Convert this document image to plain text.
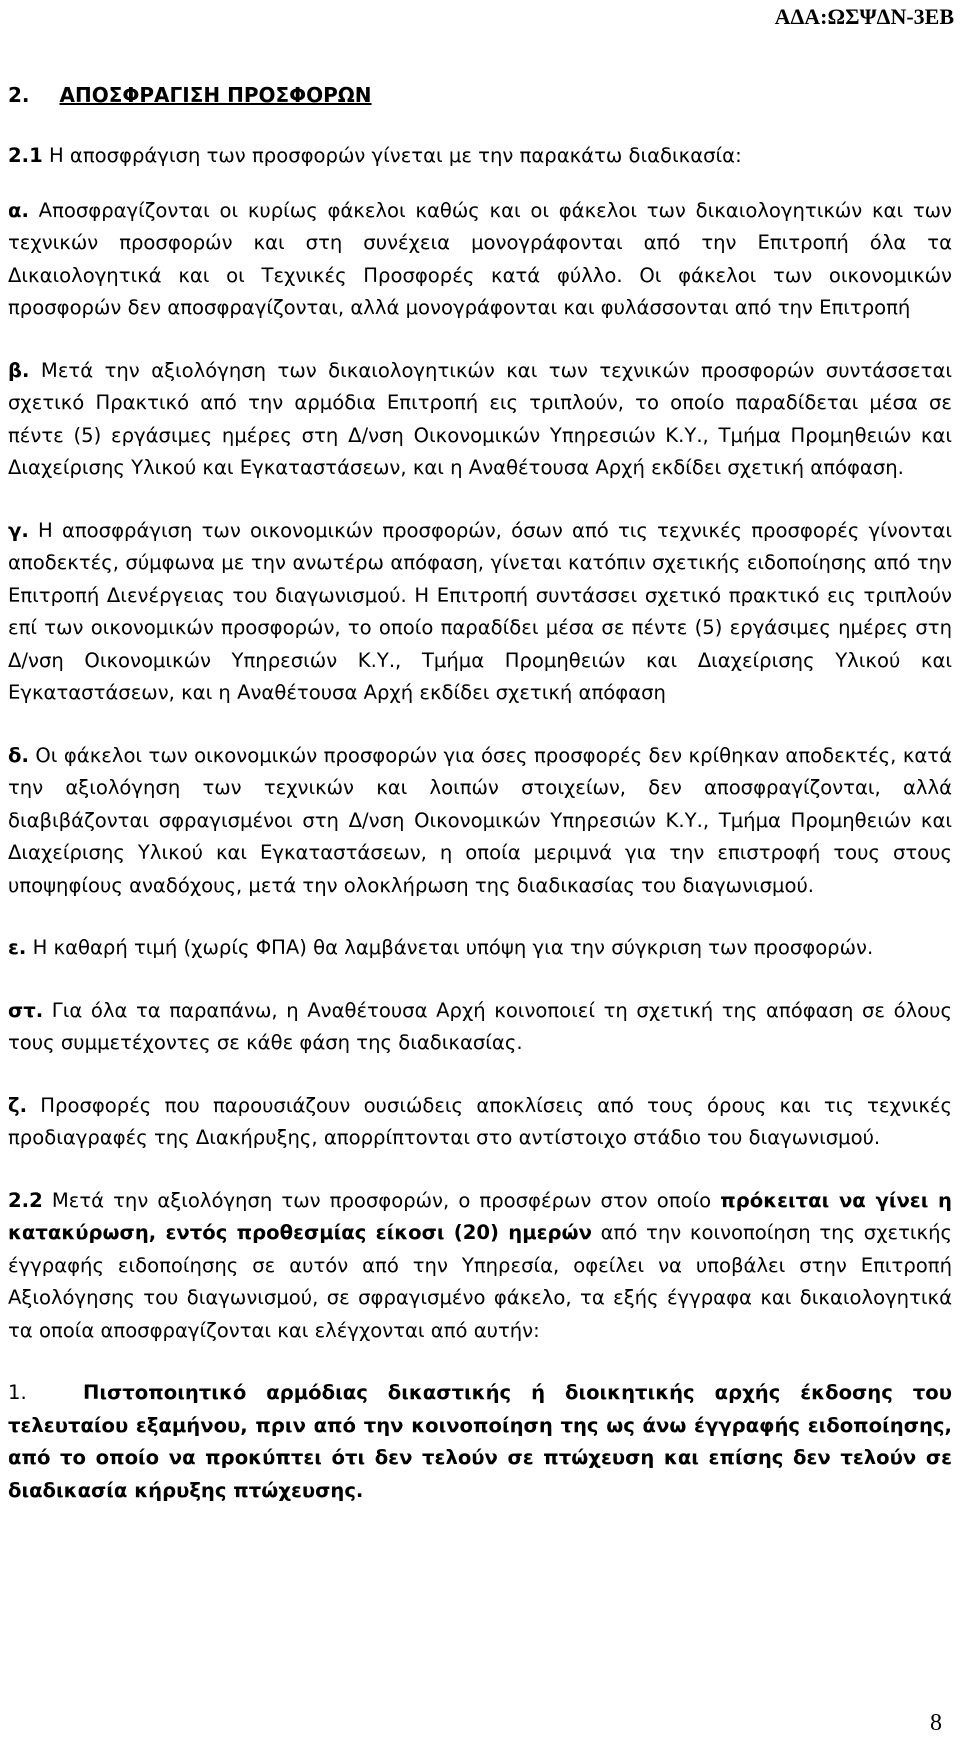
ΑΔΑ:ΩΣΨΔΝ-3ΕΒ
2. ΑΠΟΣΦΡΑΓΙΣΗ ΠΡΟΣΦΟΡΩΝ

2.1 Η αποσφράγιση των προσφορών γίνεται με την παρακάτω διαδικασία:

α. Αποσφραγίζονται οι κυρίως φάκελοι καθώς και οι φάκελοι των δικαιολογητικών και των τεχνικών προσφορών και στη συνέχεια μονογράφονται από την Επιτροπή όλα τα Δικαιολογητικά και οι Τεχνικές Προσφορές κατά φύλλο. Οι φάκελοι των οικονομικών προσφορών δεν αποσφραγίζονται, αλλά μονογράφονται και φυλάσσονται από την Επιτροπή

β. Μετά την αξιολόγηση των δικαιολογητικών και των τεχνικών προσφορών συντάσσεται σχετικό Πρακτικό από την αρμόδια Επιτροπή εις τριπλούν, το οποίο παραδίδεται μέσα σε πέντε (5) εργάσιμες ημέρες στη Δ/νση Οικονομικών Υπηρεσιών Κ.Υ., Τμήμα Προμηθειών και Διαχείρισης Υλικού και Εγκαταστάσεων, και η Αναθέτουσα Αρχή εκδίδει σχετική απόφαση.

γ. Η αποσφράγιση των οικονομικών προσφορών, όσων από τις τεχνικές προσφορές γίνονται αποδεκτές, σύμφωνα με την ανωτέρω απόφαση, γίνεται κατόπιν σχετικής ειδοποίησης από την Επιτροπή Διενέργειας του διαγωνισμού. Η Επιτροπή συντάσσει σχετικό πρακτικό εις τριπλούν επί των οικονομικών προσφορών, το οποίο παραδίδει μέσα σε πέντε (5) εργάσιμες ημέρες στη Δ/νση Οικονομικών Υπηρεσιών Κ.Υ., Τμήμα Προμηθειών και Διαχείρισης Υλικού και Εγκαταστάσεων, και η Αναθέτουσα Αρχή εκδίδει σχετική απόφαση

δ. Οι φάκελοι των οικονομικών προσφορών για όσες προσφορές δεν κρίθηκαν αποδεκτές, κατά την αξιολόγηση των τεχνικών και λοιπών στοιχείων, δεν αποσφραγίζονται, αλλά διαβιβάζονται σφραγισμένοι στη Δ/νση Οικονομικών Υπηρεσιών Κ.Υ., Τμήμα Προμηθειών και Διαχείρισης Υλικού και Εγκαταστάσεων, η οποία μεριμνά για την επιστροφή τους στους υποψηφίους αναδόχους, μετά την ολοκλήρωση της διαδικασίας του διαγωνισμού.

ε. Η καθαρή τιμή (χωρίς ΦΠΑ) θα λαμβάνεται υπόψη για την σύγκριση των προσφορών.

στ. Για όλα τα παραπάνω, η Αναθέτουσα Αρχή κοινοποιεί τη σχετική της απόφαση σε όλους τους συμμετέχοντες σε κάθε φάση της διαδικασίας.

ζ. Προσφορές που παρουσιάζουν ουσιώδεις αποκλίσεις από τους όρους και τις τεχνικές προδιαγραφές της Διακήρυξης, απορρίπτονται στο αντίστοιχο στάδιο του διαγωνισμού.

2.2 Μετά την αξιολόγηση των προσφορών, ο προσφέρων στον οποίο πρόκειται να γίνει η κατακύρωση, εντός προθεσμίας είκοσι (20) ημερών από την κοινοποίηση της σχετικής έγγραφής ειδοποίησης σε αυτόν από την Υπηρεσία, οφείλει να υποβάλει στην Επιτροπή Αξιολόγησης του διαγωνισμού, σε σφραγισμένο φάκελο, τα εξής έγγραφα και δικαιολογητικά τα οποία αποσφραγίζονται και ελέγχονται από αυτήν:

1.	Πιστοποιητικό αρμόδιας δικαστικής ή διοικητικής αρχής έκδοσης του τελευταίου εξαμήνου, πριν από την κοινοποίηση της ως άνω έγγραφής ειδοποίησης, από το οποίο να προκύπτει ότι δεν τελούν σε πτώχευση και επίσης δεν τελούν σε διαδικασία κήρυξης πτώχευσης.

8
